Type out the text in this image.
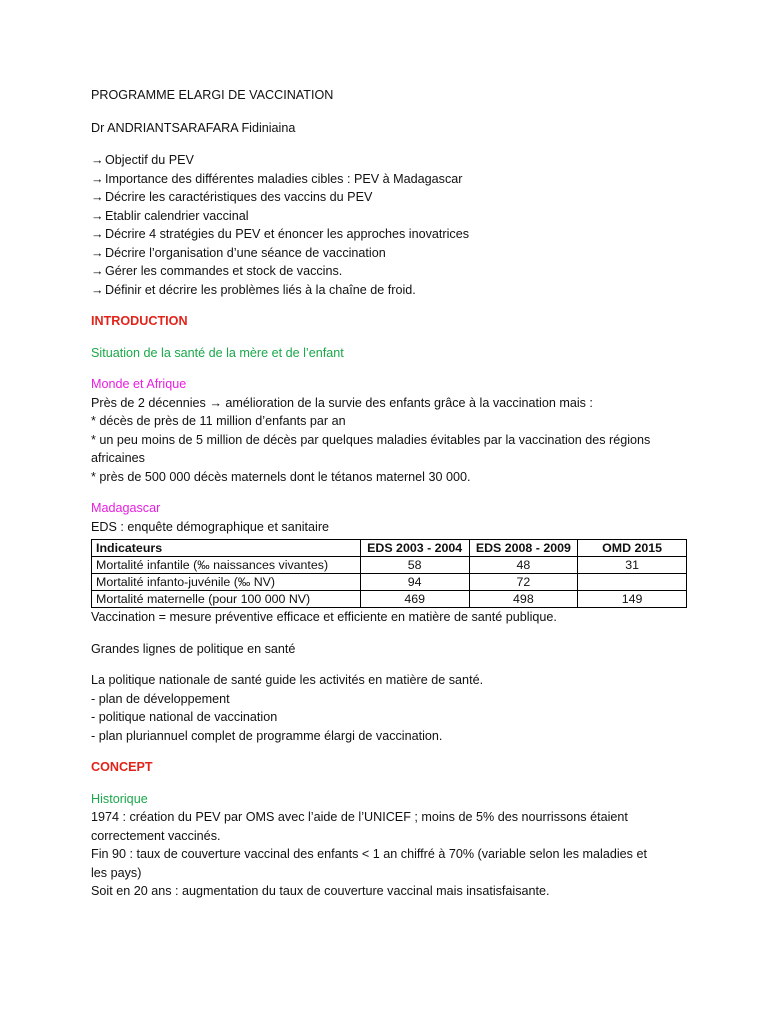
PROGRAMME ELARGI DE VACCINATION

Dr ANDRIANTSARAFARA Fidiniaina

→Objectif du PEV

→Importance des différentes maladies cibles : PEV à Madagascar

→Décrire les caractéristiques des vaccins du PEV

→Etablir calendrier vaccinal

→Décrire 4 stratégies du PEV et énoncer les approches inovatrices

→Décrire l’organisation d’une séance de vaccination

→Gérer les commandes et stock de vaccins.

→Définir et décrire les problèmes liés à la chaîne de froid.

INTRODUCTION

Situation de la santé de la mère et de l’enfant

Monde et Afrique

Près de 2 décennies → amélioration de la survie des enfants grâce à la vaccination mais :

* décès de près de 11 million d’enfants par an

* un peu moins de 5 million de décès par quelques maladies évitables par la vaccination des régions

africaines

* près de 500 000 décès maternels dont le tétanos maternel 30 000.

Madagascar

EDS : enquête démographique et sanitaire

Indicateurs	EDS 2003 - 2004	EDS 2008 - 2009	OMD 2015
Mortalité infantile (‰ naissances vivantes)	58	48	31
Mortalité infanto-juvénile (‰ NV)	94	72	
Mortalité maternelle (pour 100 000 NV)	469	498	149

Vaccination = mesure préventive efficace et efficiente en matière de santé publique.

Grandes lignes de politique en santé

La politique nationale de santé guide les activités en matière de santé.

- plan de développement

- politique national de vaccination

- plan pluriannuel complet de programme élargi de vaccination.

CONCEPT

Historique

1974 : création du PEV par OMS avec l’aide de l’UNICEF ; moins de 5% des nourrissons étaient

correctement vaccinés.

Fin 90 : taux de couverture vaccinal des enfants < 1 an chiffré à 70% (variable selon les maladies et

les pays)

Soit en 20 ans : augmentation du taux de couverture vaccinal mais insatisfaisante.
